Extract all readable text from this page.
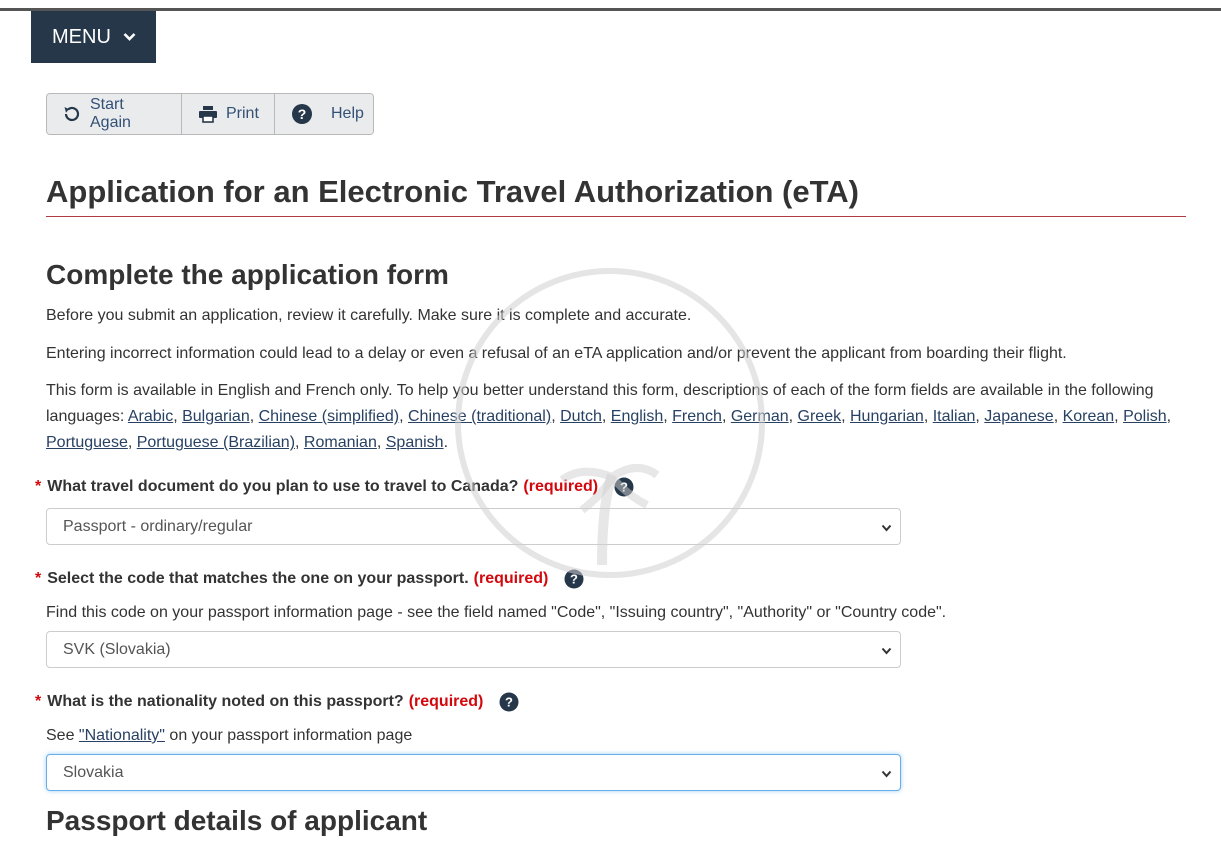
MENU
Start Again
Print	? Help
Application for an Electronic Travel Authorization (eTA)
Complete the application form

Before you submit an application, review it carefully. Make sure it is complete and accurate.

Entering incorrect information could lead to a delay or even a refusal of an eTA application and/or prevent the applicant from boarding their flight.

This form is available in English and French only. To help you better understand this form, descriptions of each of the form fields are available in the following languages: Arabic, Bulgarian, Chinese (simplified), Chinese (traditional), Dutch, English, French, German, Greek, Hungarian, Italian, Japanese, Korean, Polish, Portuguese, Portuguese (Brazilian), Romanian, Spanish.

* What travel document do you plan to use to travel to Canada? (required) ?
Passport - ordinary/regular
* Select the code that matches the one on your passport. (required) ?

Find this code on your passport information page - see the field named "Code", "Issuing country", "Authority" or "Country code".

SVK (Slovakia)
* What is the nationality noted on this passport? (required) ?

See "Nationality" on your passport information page

Slovakia
Passport details of applicant
